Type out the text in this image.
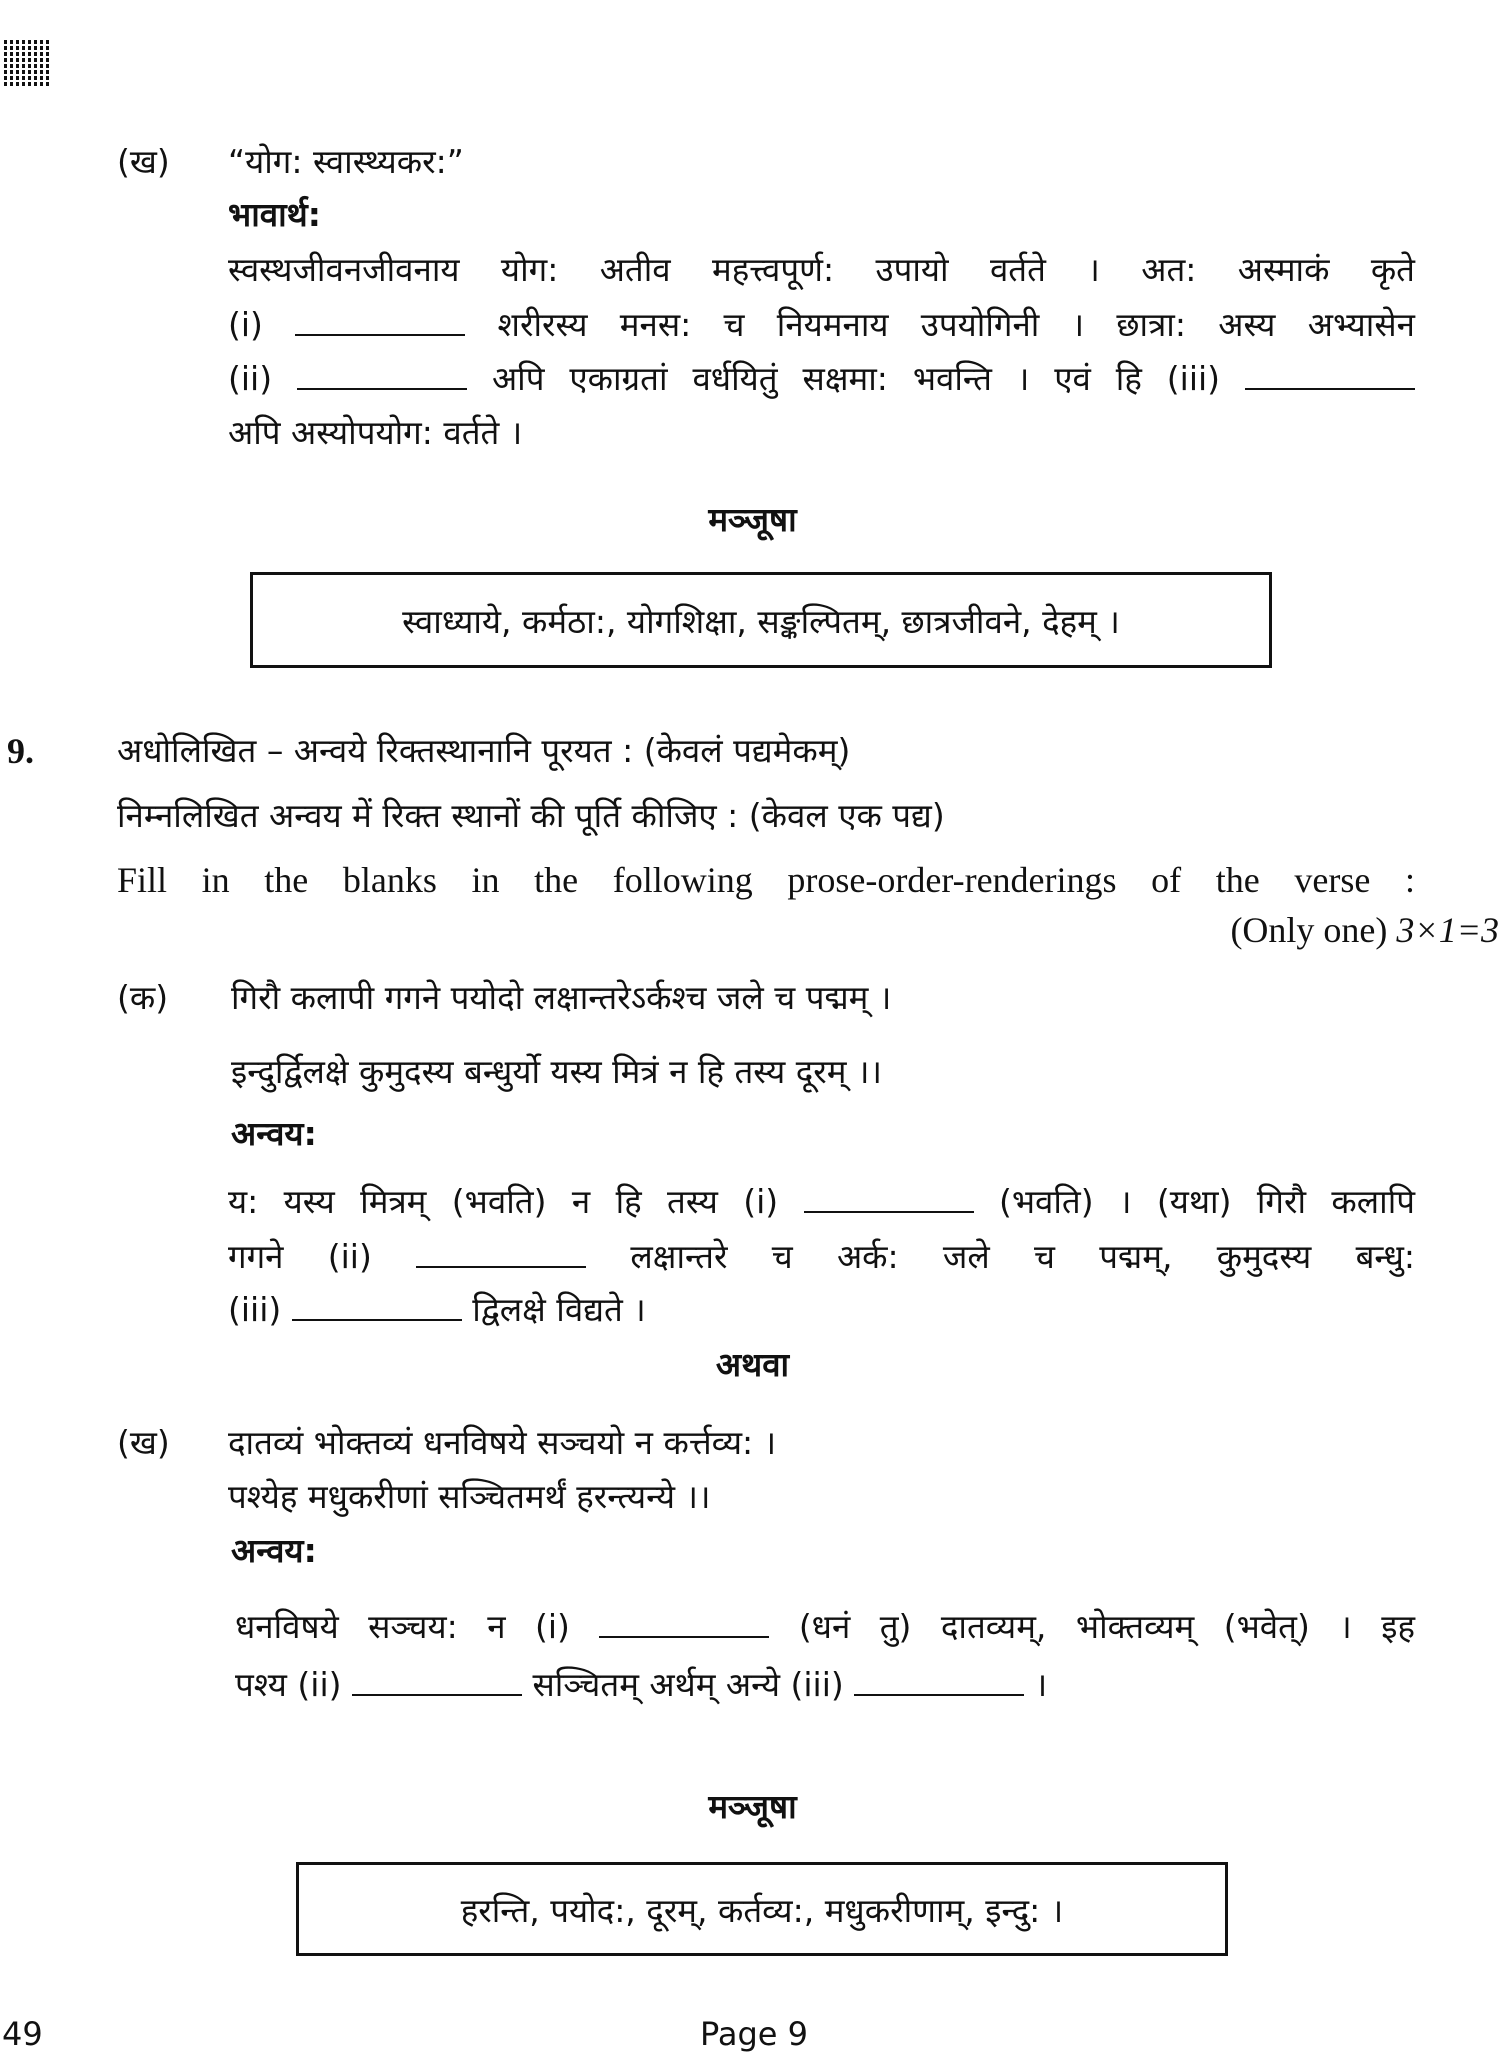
(ख) “योग: स्वास्थ्यकर:”
भावार्थ:
स्वस्थजीवनजीवनाय योग: अतीव महत्त्वपूर्ण: उपायो वर्तते । अत: अस्माकं कृते
(i)	शरीरस्य मनस: च नियमनाय उपयोगिनी । छात्रा: अस्य अभ्यासेन
(ii)	अपि एकाग्रतां वर्धयितुं सक्षमा: भवन्ति । एवं हि (iii)
अपि अस्योपयोग: वर्तते ।
मञ्जूषा
स्वाध्याये, कर्मठा:, योगशिक्षा, सङ्कल्पितम्, छात्रजीवने, देहम् ।
9.	अधोलिखित – अन्वये रिक्तस्थानानि पूरयत : (केवलं पद्यमेकम्)
निम्नलिखित अन्वय में रिक्त स्थानों की पूर्ति कीजिए : (केवल एक पद्य)
Fill in the blanks in the following prose-order-renderings of the verse :
(Only one) 3×1=3
(क) गिरौ कलापी गगने पयोदो लक्षान्तरेऽर्कश्च जले च पद्मम् ।
इन्दुर्द्विलक्षे कुमुदस्य बन्धुर्यो यस्य मित्रं न हि तस्य दूरम् ।।
अन्वय:
य: यस्य मित्रम् (भवति) न हि तस्य (i)	(भवति) । (यथा) गिरौ कलापि
गगने (ii)	लक्षान्तरे च अर्क: जले च पद्मम्, कुमुदस्य बन्धु:
(iii)	द्विलक्षे विद्यते ।
अथवा
(ख) दातव्यं भोक्तव्यं धनविषये सञ्चयो न कर्त्तव्य: ।
पश्येह मधुकरीणां सञ्चितमर्थं हरन्त्यन्ये ।।
अन्वय:
धनविषये सञ्चय: न (i)	(धनं तु) दातव्यम्, भोक्तव्यम् (भवेत्) । इह
पश्य (ii)	सञ्चितम् अर्थम् अन्ये (iii)	।
मञ्जूषा
हरन्ति, पयोद:, दूरम्, कर्तव्य:, मधुकरीणाम्, इन्दु: ।
49	Page 9
